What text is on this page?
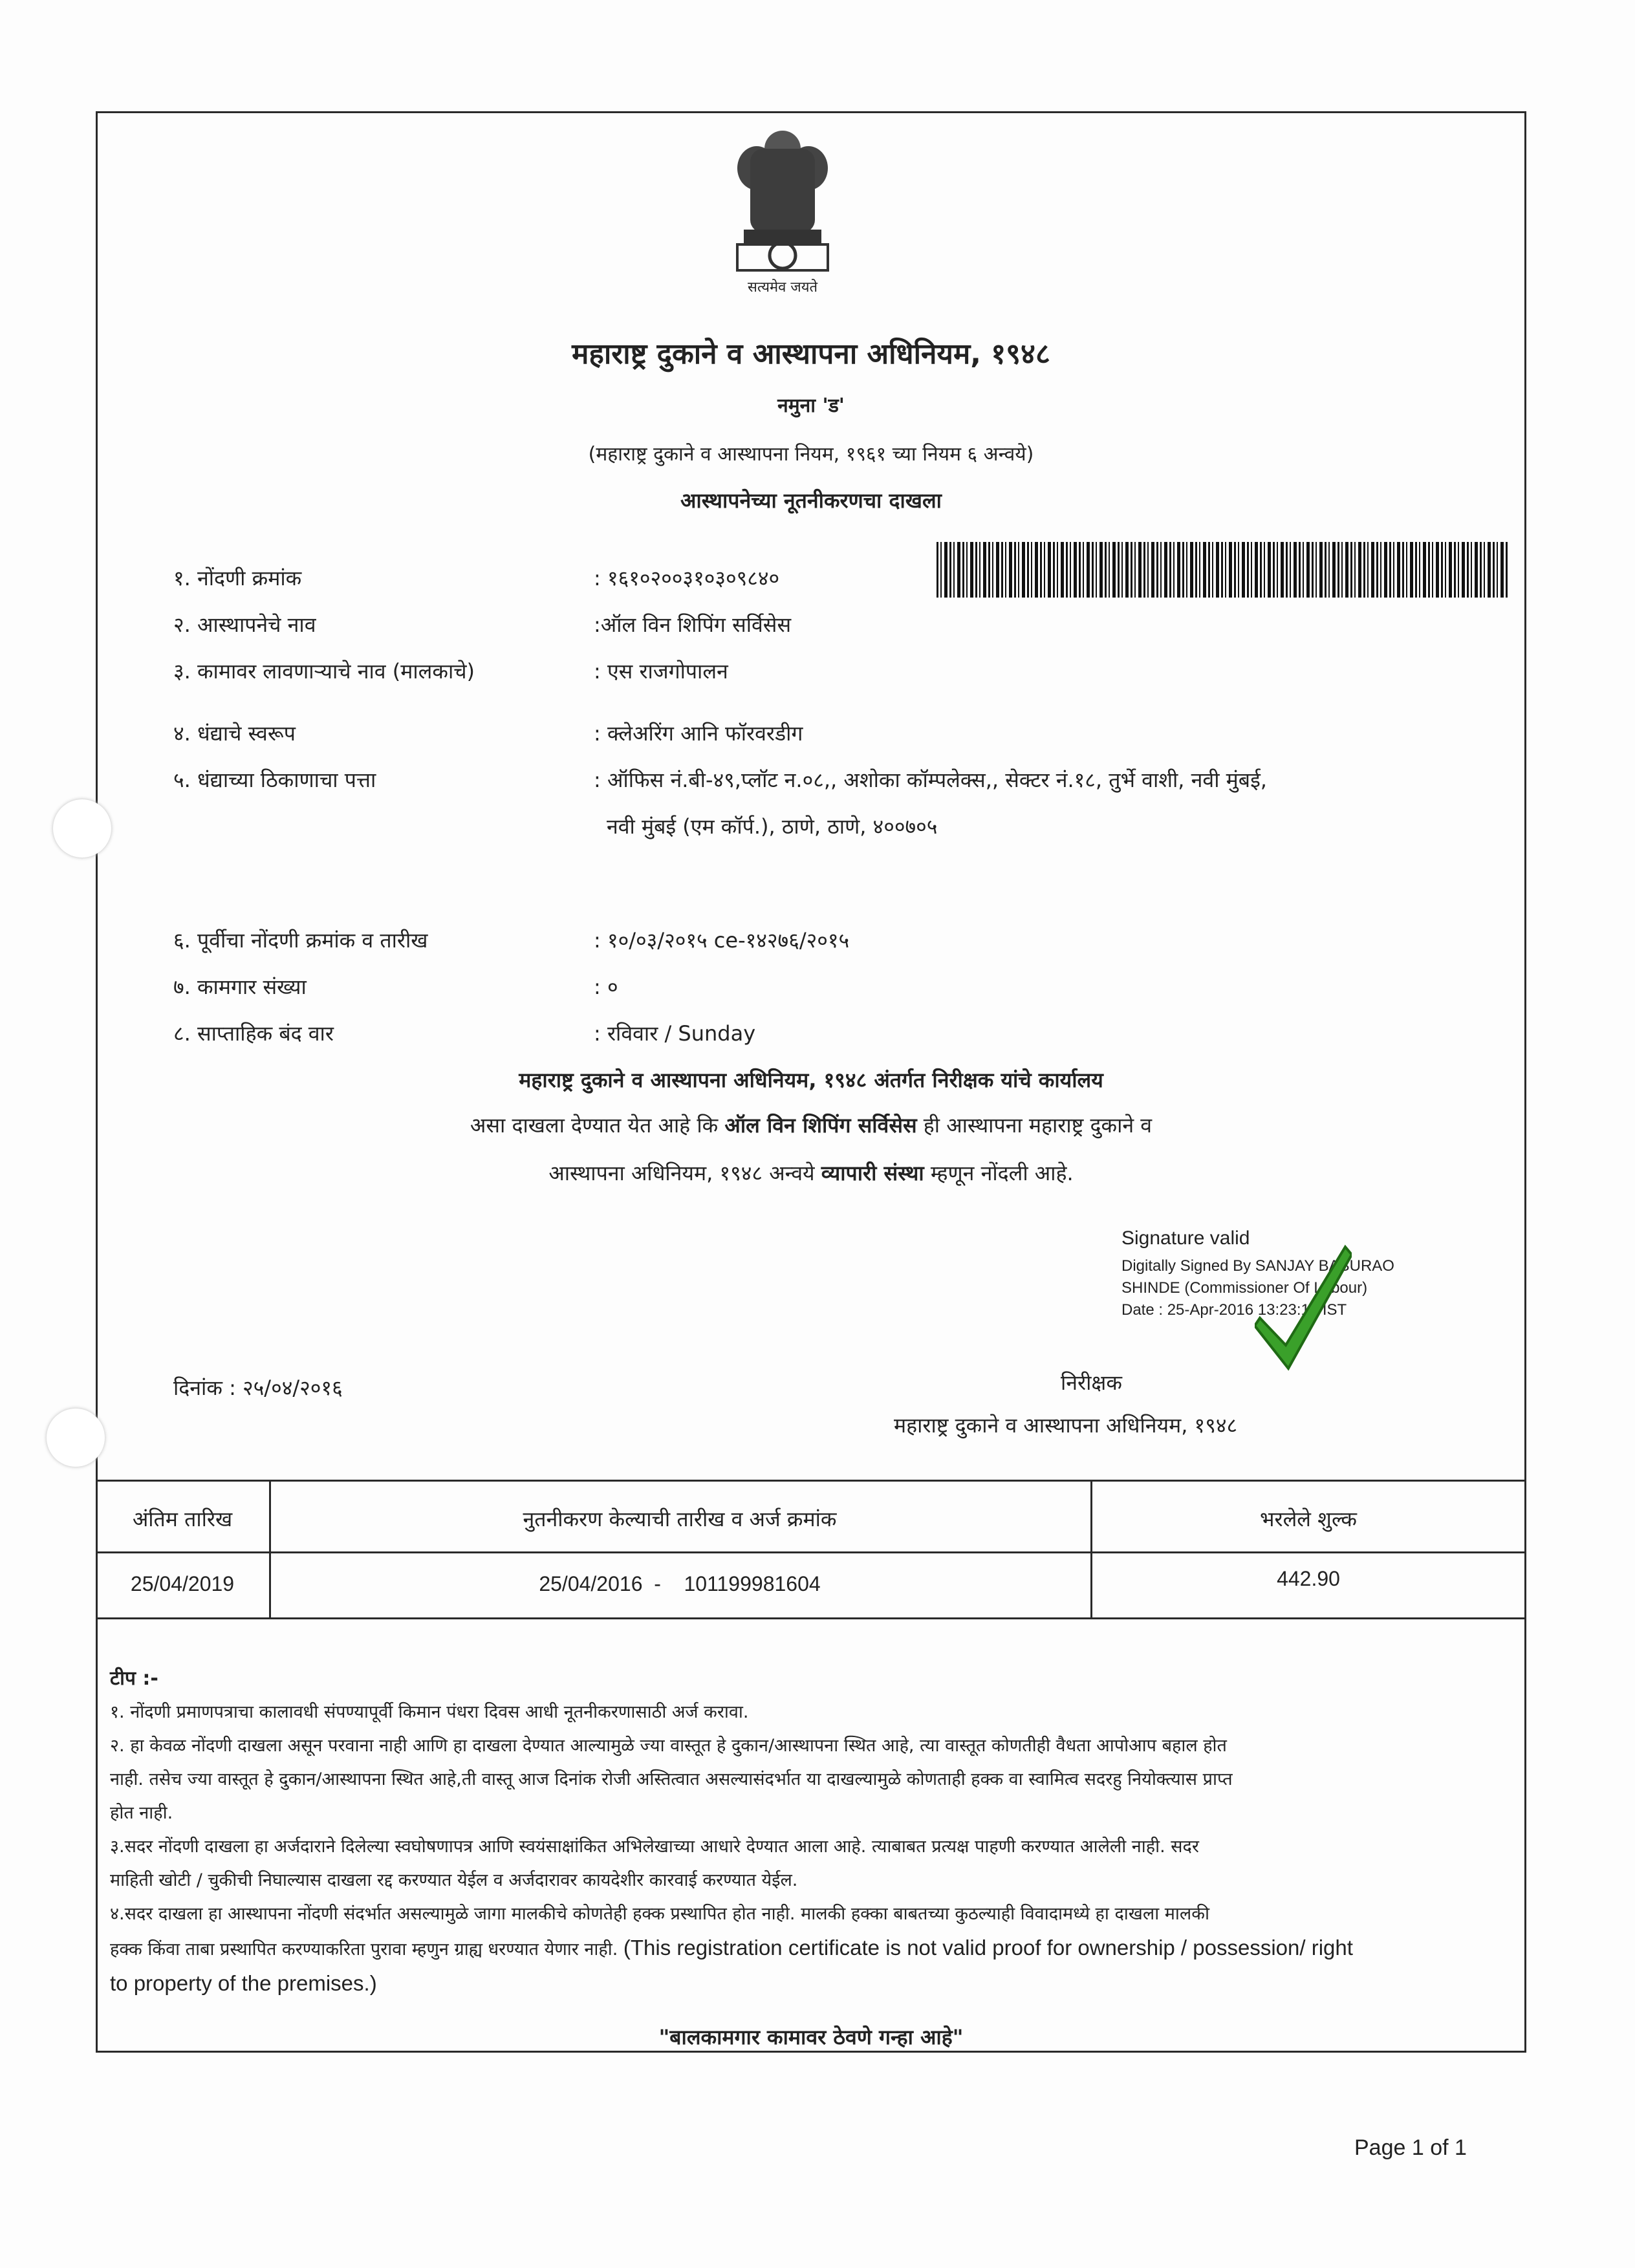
सत्यमेव जयते
महाराष्ट्र दुकाने व आस्थापना अधिनियम, १९४८
नमुना 'ड'
(महाराष्ट्र दुकाने व आस्थापना नियम, १९६१ च्या नियम ६ अन्वये)
आस्थापनेच्या नूतनीकरणचा दाखला
१. नोंदणी क्रमांक	: १६१०२००३१०३०९८४०
२. आस्थापनेचे नाव	:ऑल विन शिपिंग सर्विसेस
३. कामावर लावणाऱ्याचे नाव (मालकाचे)	: एस राजगोपालन
४. धंद्याचे स्वरूप	: क्लेअरिंग आनि फॉरवरडीग
५. धंद्याच्या ठिकाणाचा पत्ता	: ऑफिस नं.बी-४९,प्लॉट न.०८,, अशोका कॉम्पलेक्स,, सेक्टर नं.१८, तुर्भे वाशी, नवी मुंबई,
नवी मुंबई (एम कॉर्प.), ठाणे, ठाणे, ४००७०५
६. पूर्वीचा नोंदणी क्रमांक व तारीख	: १०/०३/२०१५ ce-१४२७६/२०१५
७. कामगार संख्या	: ०
८. साप्ताहिक बंद वार	: रविवार / Sunday
महाराष्ट्र दुकाने व आस्थापना अधिनियम, १९४८ अंतर्गत निरीक्षक यांचे कार्यालय
असा दाखला देण्यात येत आहे कि ऑल विन शिपिंग सर्विसेस ही आस्थापना महाराष्ट्र दुकाने व
आस्थापना अधिनियम, १९४८ अन्वये व्यापारी संस्था म्हणून नोंदली आहे.
Signature valid
Digitally Signed By SANJAY BABURAO
SHINDE (Commissioner Of Labour)
Date : 25-Apr-2016 13:23:18 IST
दिनांक : २५/०४/२०१६	निरीक्षक
महाराष्ट्र दुकाने व आस्थापना अधिनियम, १९४८
अंतिम तारिख	नुतनीकरण केल्याची तारीख व अर्ज क्रमांक	भरलेले शुल्क
25/04/2019	25/04/2016  -    101199981604	442.90
टीप :-
१. नोंदणी प्रमाणपत्राचा कालावधी संपण्यापूर्वी किमान पंधरा दिवस आधी नूतनीकरणासाठी अर्ज करावा.
२. हा केवळ नोंदणी दाखला असून परवाना नाही आणि हा दाखला देण्यात आल्यामुळे ज्या वास्तूत हे दुकान/आस्थापना स्थित आहे, त्या वास्तूत कोणतीही वैधता आपोआप बहाल होत
नाही. तसेच ज्या वास्तूत हे दुकान/आस्थापना स्थित आहे,ती वास्तू आज दिनांक रोजी अस्तित्वात असल्यासंदर्भात या दाखल्यामुळे कोणताही हक्क वा स्वामित्व सदरहु नियोक्त्यास प्राप्त
होत नाही.
३.सदर नोंदणी दाखला हा अर्जदाराने दिलेल्या स्वघोषणापत्र आणि स्वयंसाक्षांकित अभिलेखाच्या आधारे देण्यात आला आहे. त्याबाबत प्रत्यक्ष पाहणी करण्यात आलेली नाही. सदर
माहिती खोटी / चुकीची निघाल्यास दाखला रद्द करण्यात येईल व अर्जदारावर कायदेशीर कारवाई करण्यात येईल.
४.सदर दाखला हा आस्थापना नोंदणी संदर्भात असल्यामुळे जागा मालकीचे कोणतेही हक्क प्रस्थापित होत नाही. मालकी हक्का बाबतच्या कुठल्याही विवादामध्ये हा दाखला मालकी
हक्क किंवा ताबा प्रस्थापित करण्याकरिता पुरावा म्हणुन ग्राह्य धरण्यात येणार नाही. (This registration certificate is not valid proof for ownership / possession/ right
to property of the premises.)
"बालकामगार कामावर ठेवणे गन्हा आहे"
Page 1 of 1
